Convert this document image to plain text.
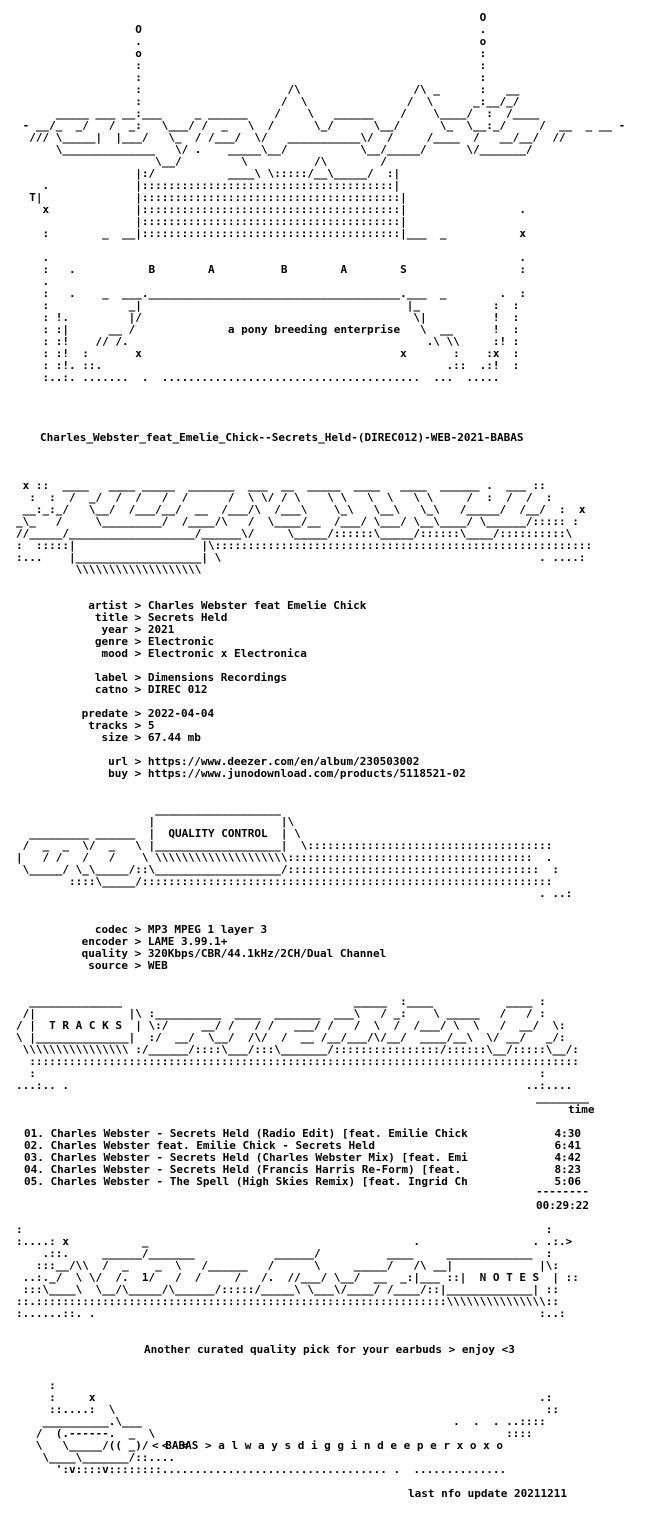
O
O                                                   .
.                                                   o
o                                                   :
:                                                   :
:                                                   :
:                      /\                 /\ _      :   __
:                     /  \               /  \      _:__/_/
_____ ___ __:___     _ ______    /    \   ______    /    \____/  :  /____
- __/_  _/   /  _:   \___/ /  _   \  /      \_/      \__/      \_  \__:_/     /  __  _ __ -
/// \_____|  |___/   \_  / /___/  \/   ___________\/  /     /____  /   __/__/  //
\______________   \/ .    _____\__/           \__/_____/      \/_______/
\__/         \          /\        /
|:/           ____\ \:::::/__\_____/  :|
.             |::::::::::::::::::::::::::::::::::::::|
T|              |:::::::::::::::::::::::::::::::::::::::|
x             |:::::::::::::::::::::::::::::::::::::::|                 .
|:::::::::::::::::::::::::::::::::::::::|
:        _  __|:::::::::::::::::::::::::::::::::::::::|___  _           x

.                                                                       .
:   .           B        A          B        A        S                 :
.
:   .    _  ___.______________________________________.___  _        .  :
:            _|                                        |_           :  :
: !.         |/                                         \|          !  :
: :|      __ /              a pony breeding enterprise   \  __      !  :
: :!    // /.                                             .\ \\     :! :
: :!  :       x                                       x       :    :x  :
: :!. ::.                                                    .::  .:!  :
:..:. .......  .  .......................................  ...  .....

Charles_Webster_feat_Emelie_Chick--Secrets_Held-(DIREC012)-WEB-2021-BABAS

x ::  ____   ____ _____  _______  ___  __  _____  ____   ____  ______ .  ___ ::
:  :  /  _/  /  /   /  /      /  \ \/ / \    \ \   \  \   \ \     /  :  /  /  :
__:_:_/   \__/  /___/__/  __  /___/\  /___\    \_\   \__\   \_\   /_____/  /__/  :  x
_\_   /     \_________/  /____/\   /  \____/__  /___/ \___/ \__\____/ \______/::::: :
//_____/___________________/______\/     \_____/::::::\_____/::::::\____/::::::::::\
:  :::::|                   |\:::::::::::::::::::::::::::::::::::::::::::::::::::::::::
:...    |___________________| \                                                . ....:
\\\\\\\\\\\\\\\\\\\

artist > Charles Webster feat Emelie Chick

title > Secrets Held

year > 2021

genre > Electronic

mood > Electronic x Electronica

label > Dimensions Recordings

catno > DIREC 012

predate > 2022-04-04

tracks > 5

size > 67.44 mb

url > https://www.deezer.com/en/album/230503002

buy > https://www.junodownload.com/products/5118521-02

___________________
|                   |\
_________ ______  |  QUALITY CONTROL  | \
/  _  _  \/  _   \ |___________________|  \:::::::::::::::::::::::::::::::::::::
|   / /   /   /    \ \\\\\\\\\\\\\\\\\\\\:::::::::::::::::::::::::::::::::::::  .
\_____/ \_\_____/::\___________________/::::::::::::::::::::::::::::::::::::::  :
::::\_____/::::::::::::::::::::::::::::::::::::::::::::::::::::::::::::::
. ..:

codec > MP3 MPEG 1 layer 3

encoder > LAME 3.99.1+

quality > 320Kbps/CBR/44.1kHz/2CH/Dual Channel

source > WEB

______________                                   _____  :____           ____ :
/|              |\ :__________  ____  _______  ___\   / _:    \ _____   /   / :
/ |  T R A C K S  | \:/     __/ /   / /   ___/ /   /  \  /  /___/ \  \   /  __/  \:
\ |______________|  :/  __/  \__/  /\/  /  __ /__/___/\/__/  ____/__\  \/ __/   _/:
\\\\\\\\\\\\\\\\ :/______/::::\___/:::\_______/::::::::::::::::/::::::\__/:::::\__/:
:::::::::::::::::::::::::::::::::::::::::::::::::::::::::::::::::::::::::::::::::::
:                                                                            :
...:.. .                                                                     ..:....

________

time

01. Charles Webster - Secrets Held (Radio Edit) [feat. Emilie Chick	4:30

02. Charles Webster feat. Emilie Chick - Secrets Held	6:41

03. Charles Webster - Secrets Held (Charles Webster Mix) [feat. Emi	4:42

04. Charles Webster - Secrets Held (Francis Harris Re-Form) [feat.	8:23

05. Charles Webster - The Spell (High Skies Remix) [feat. Ingrid Ch	5:06

--------

00:29:22

:                                                                               :
:....: x           _                                        .                 . .:.>
.::.     ______/_______            ______/          ____     _____________  :
:::__/\\  /  _    _  \   /______   /      \     _____/   /\ __|             |\:
..:._/  \ \/  /.  1/   /  /     /   /.  //___/ \__/  __  _:|___ ::|  N O T E S  | ::
:::\____\  \__/\_____/\______/:::::/_____\ \___\/____/ /____/::|_____________| ::
::.::::::::::::::::::::::::::::::::::::::::::::::::::::::::::::::\\\\\\\\\\\\\\\::
:......::. .                                                                   :..:

Another curated quality pick for your earbuds > enjoy <3

:
:     x                                                                   .:
::....:  \                                                                 ::
__________.\___                                               .  .  . ..::::
/  (.------.  _  \                                                     ::::
\   \_____/(( _)/  <  <

< BABAS > a l w a y s d i g g i n d e e p e r x o x o

\____\_______/::....
':v::::v::::::::.................................. .  ..............

last nfo update 20211211
